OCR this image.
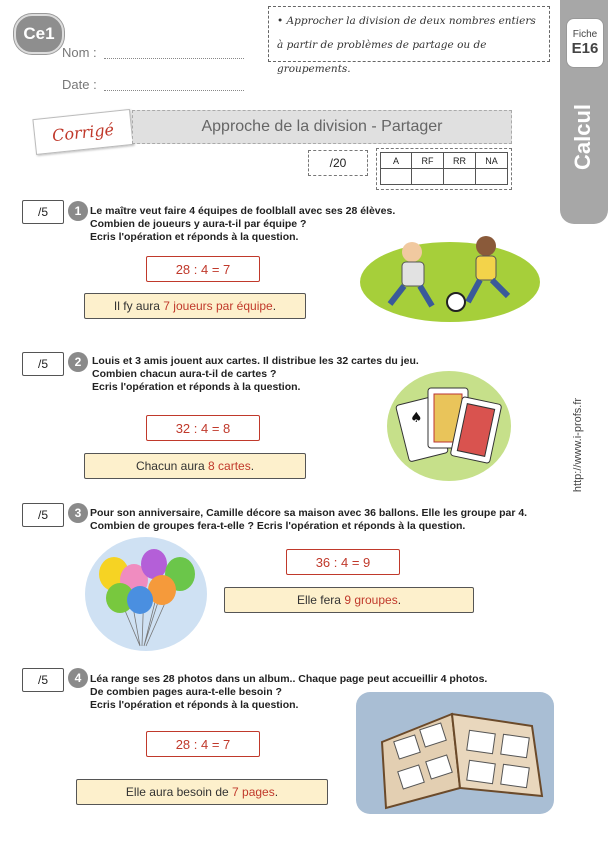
Ce1
Nom :
Date :
• Approcher la division de deux nombres entiers à partir de problèmes de partage ou de groupements.
Fiche
E16
Calcul
http://www.i-profs.fr
Corrigé	Approche de la division - Partager
/20	A	RF	RR	NA

/5 1 Le maître veut faire 4 équipes de foolblall avec ses 28 élèves.
Combien de joueurs y aura-t-il par équipe ?
Ecris l'opération et réponds à la question.
28 : 4 = 7
Il fy aura
7 joueurs par équipe .
/5 2 Louis et 3 amis jouent aux cartes. Il distribue les 32 cartes du jeu.
Combien chacun aura-t-il de cartes ?
Ecris l'opération et réponds à la question.
32 : 4 = 8
Chacun aura
8 cartes .
♠
/5 3 Pour son anniversaire, Camille décore sa maison avec 36 ballons. Elle les groupe par 4.
Combien de groupes fera-t-elle ? Ecris l'opération et réponds à la question.
36 : 4 = 9
Elle fera
9 groupes .
/5 4 Léa range ses 28 photos dans un album.. Chaque page peut accueillir 4 photos.
De combien pages aura-t-elle besoin ?
Ecris l'opération et réponds à la question.
28 : 4 = 7
Elle aura besoin de
7 pages .
